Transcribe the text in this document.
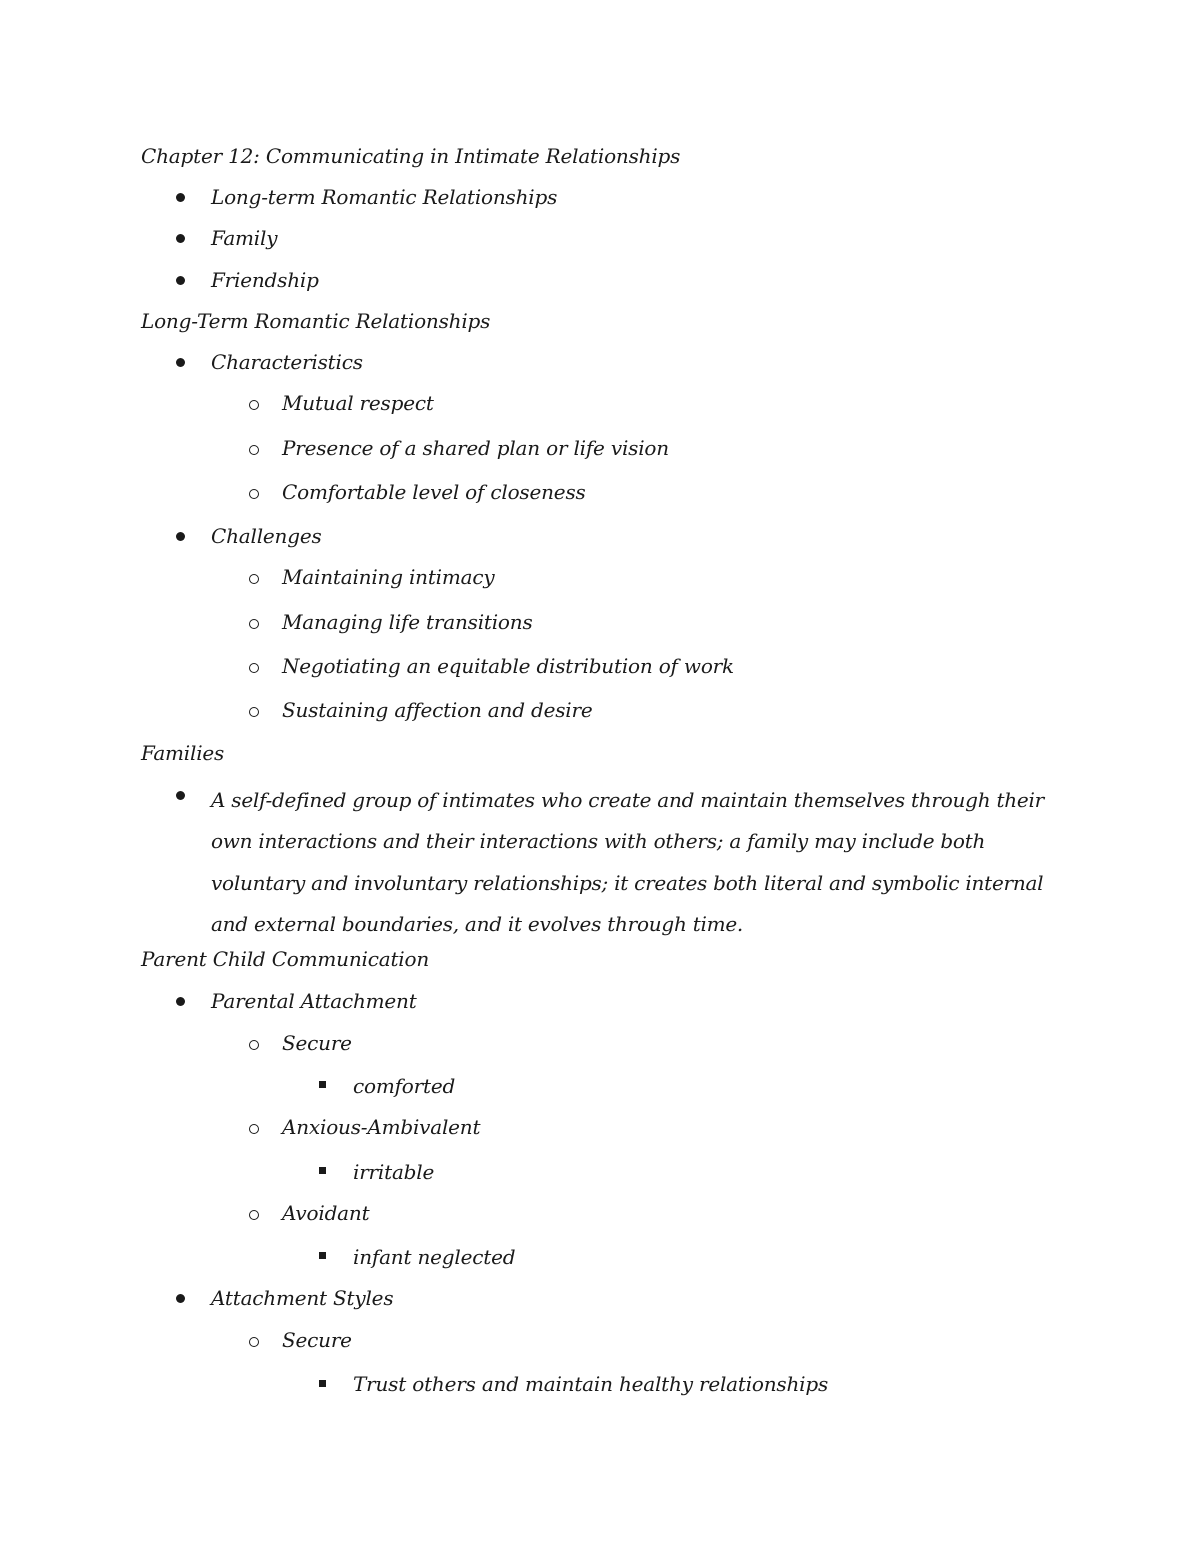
Chapter 12: Communicating in Intimate Relationships
Long-term Romantic Relationships
Family
Friendship
Long-Term Romantic Relationships
Characteristics
Mutual respect
Presence of a shared plan or life vision
Comfortable level of closeness
Challenges
Maintaining intimacy
Managing life transitions
Negotiating an equitable distribution of work
Sustaining affection and desire
Families
A self-defined group of intimates who create and maintain themselves through their own interactions and their interactions with others; a family may include both voluntary and involuntary relationships; it creates both literal and symbolic internal and external boundaries, and it evolves through time.
Parent Child Communication
Parental Attachment
Secure
comforted
Anxious-Ambivalent
irritable
Avoidant
infant neglected
Attachment Styles
Secure
Trust others and maintain healthy relationships
